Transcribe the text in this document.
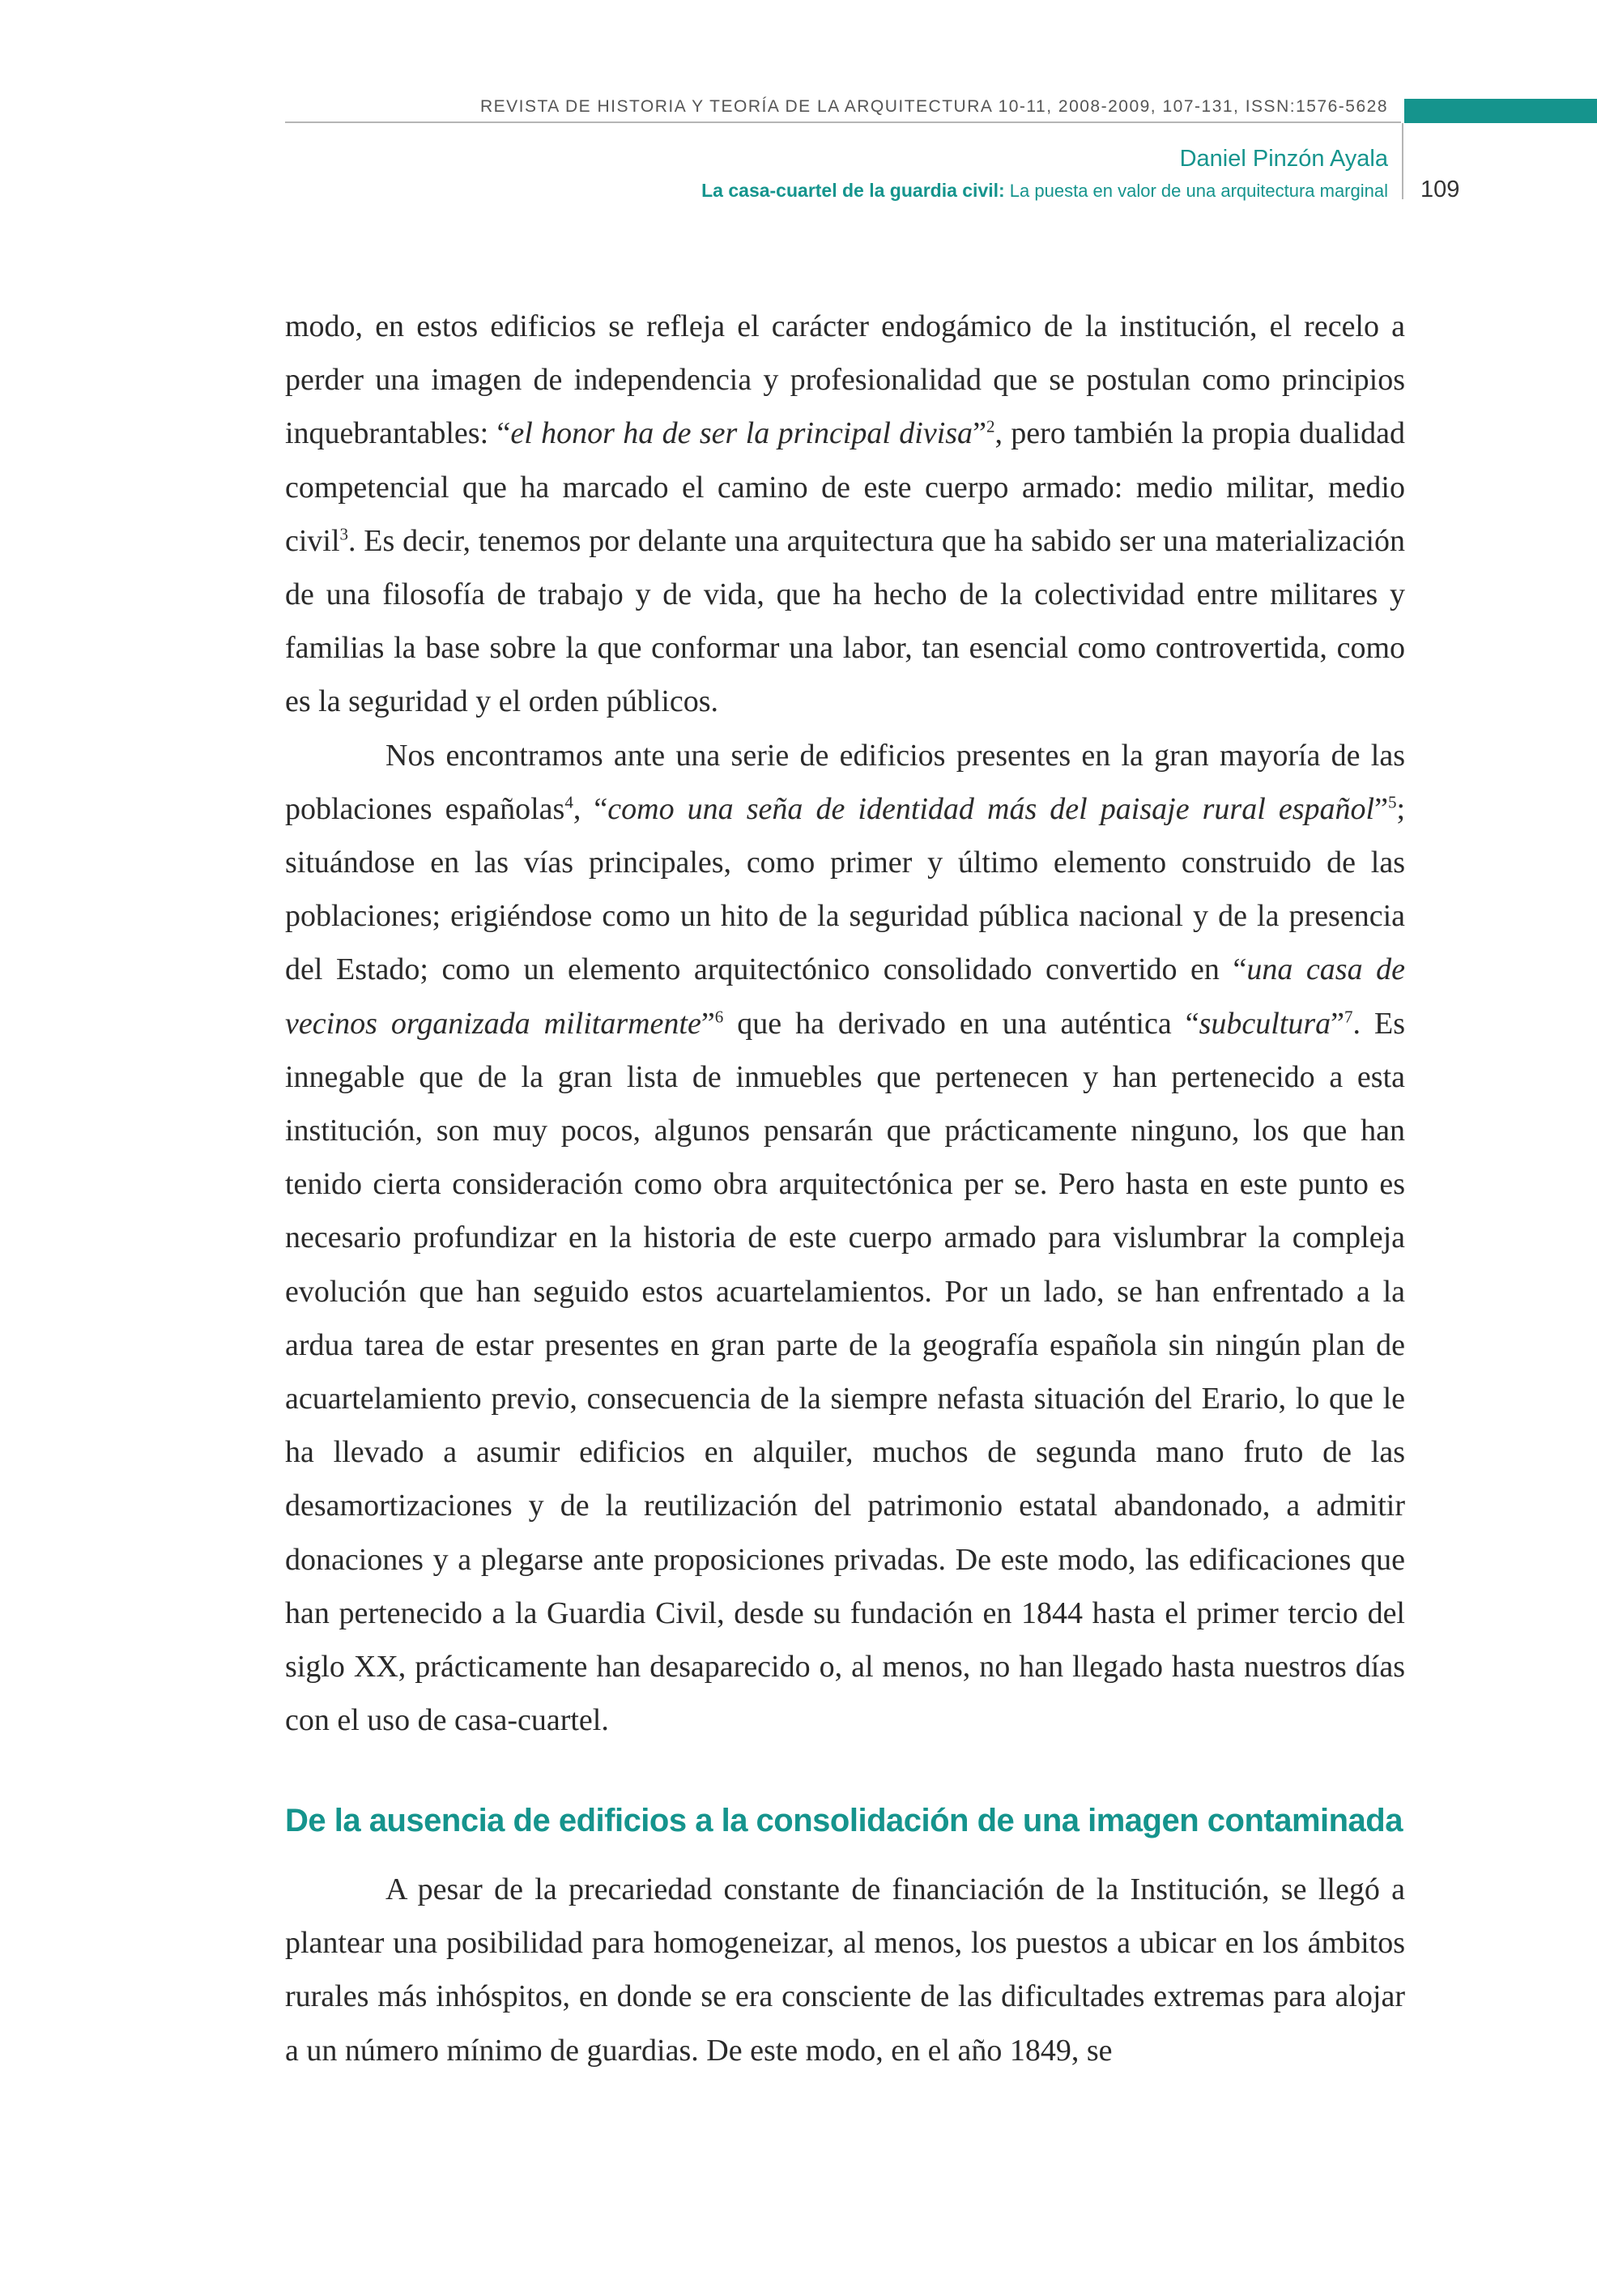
REVISTA DE HISTORIA Y TEORÍA DE LA ARQUITECTURA 10-11, 2008-2009, 107-131, ISSN:1576-5628
Daniel Pinzón Ayala
La casa-cuartel de la guardia civil: La puesta en valor de una arquitectura marginal 109

modo, en estos edificios se refleja el carácter endogámico de la institución, el recelo a perder una imagen de independencia y profesionalidad que se postulan como principios inquebrantables: “el honor ha de ser la principal divisa”$^2$, pero también la propia dualidad competencial que ha marcado el camino de este cuerpo armado: medio militar, medio civil$^3$. Es decir, tenemos por delante una arquitectura que ha sabido ser una materialización de una filosofía de trabajo y de vida, que ha hecho de la colectividad entre militares y familias la base sobre la que conformar una labor, tan esencial como controvertida, como es la seguridad y el orden públicos.

Nos encontramos ante una serie de edificios presentes en la gran mayoría de las poblaciones españolas$^4$, “como una seña de identidad más del paisaje rural español”$^5$; situándose en las vías principales, como primer y último elemento construido de las poblaciones; erigiéndose como un hito de la seguridad pública nacional y de la presencia del Estado; como un elemento arquitectónico consolidado convertido en “una casa de vecinos organizada militarmente”$^6$ que ha derivado en una auténtica “subcultura”$^7$. Es innegable que de la gran lista de inmuebles que pertenecen y han pertenecido a esta institución, son muy pocos, algunos pensarán que prácticamente ninguno, los que han tenido cierta consideración como obra arquitectónica per se. Pero hasta en este punto es necesario profundizar en la historia de este cuerpo armado para vislumbrar la compleja evolución que han seguido estos acuartelamientos. Por un lado, se han enfrentado a la ardua tarea de estar presentes en gran parte de la geografía española sin ningún plan de acuartelamiento previo, consecuencia de la siempre nefasta situación del Erario, lo que le ha llevado a asumir edificios en alquiler, muchos de segunda mano fruto de las desamortizaciones y de la reutilización del patrimonio estatal abandonado, a admitir donaciones y a plegarse ante proposiciones privadas. De este modo, las edificaciones que han pertenecido a la Guardia Civil, desde su fundación en 1844 hasta el primer tercio del siglo XX, prácticamente han desaparecido o, al menos, no han llegado hasta nuestros días con el uso de casa-cuartel.

De la ausencia de edificios a la consolidación de una imagen contaminada

A pesar de la precariedad constante de financiación de la Institución, se llegó a plantear una posibilidad para homogeneizar, al menos, los puestos a ubicar en los ámbitos rurales más inhóspitos, en donde se era consciente de las dificultades extremas para alojar a un número mínimo de guardias. De este modo, en el año 1849, se
